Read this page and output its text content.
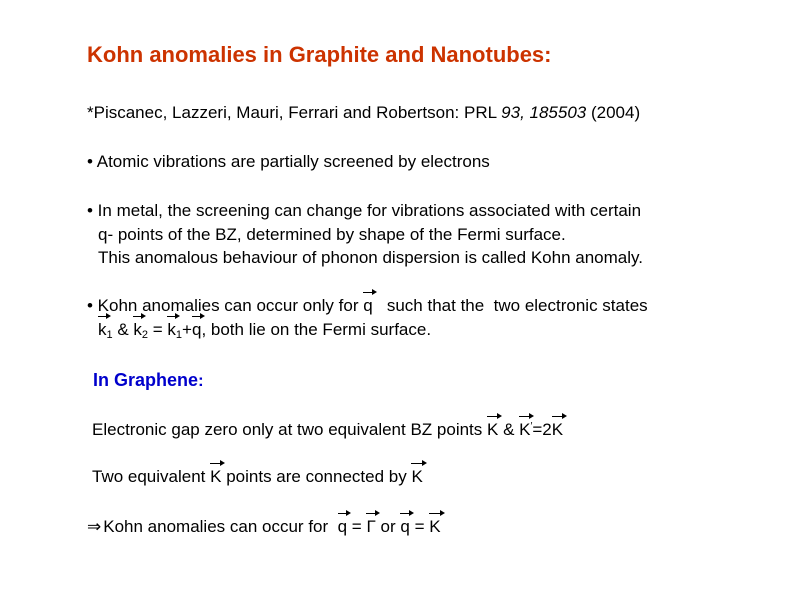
Kohn anomalies in Graphite and Nanotubes:
*Piscanec, Lazzeri, Mauri, Ferrari and Robertson: PRL 93, 185503 (2004)
• Atomic vibrations are partially screened by electrons
• In metal, the screening can change for vibrations associated with certain
q- points of the BZ, determined by shape of the Fermi surface.
This anomalous behaviour of phonon dispersion is called Kohn anomaly.
• Kohn anomalies can occur only for q   such that the  two electronic states
$k_1$ & $k_2 = k_1+q$, both lie on the Fermi surface.
In Graphene:
Electronic gap zero only at two equivalent BZ points K & K′=2K
Two equivalent K points are connected by K
⇒ Kohn anomalies can occur for  q = Γ or q = K
